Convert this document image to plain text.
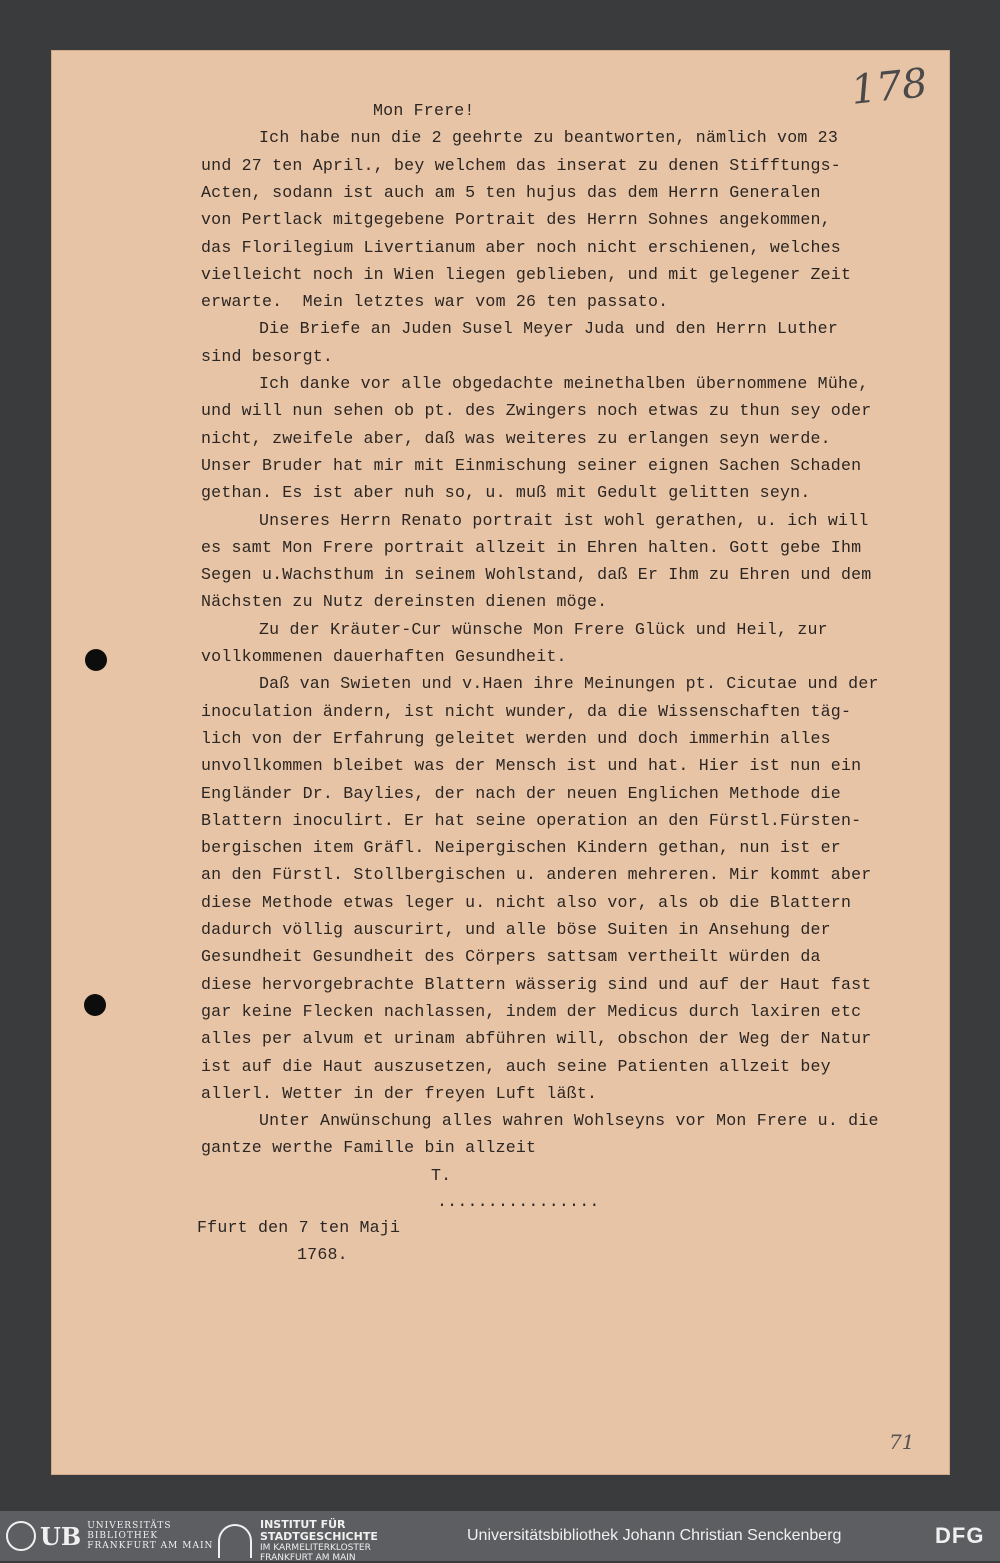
178
Mon Frere!
Ich habe nun die 2 geehrte zu beantworten, nämlich vom 23
und 27 ten April., bey welchem das inserat zu denen Stifftungs-
Acten, sodann ist auch am 5 ten hujus das dem Herrn Generalen
von Pertlack mitgegebene Portrait des Herrn Sohnes angekommen,
das Florilegium Livertianum aber noch nicht erschienen, welches
vielleicht noch in Wien liegen geblieben, und mit gelegener Zeit
erwarte.  Mein letztes war vom 26 ten passato.
Die Briefe an Juden Susel Meyer Juda und den Herrn Luther
sind besorgt.
Ich danke vor alle obgedachte meinethalben übernommene Mühe,
und will nun sehen ob pt. des Zwingers noch etwas zu thun sey oder
nicht, zweifele aber, daß was weiteres zu erlangen seyn werde.
Unser Bruder hat mir mit Einmischung seiner eignen Sachen Schaden
gethan. Es ist aber nuh so, u. muß mit Gedult gelitten seyn.
Unseres Herrn Renato portrait ist wohl gerathen, u. ich will
es samt Mon Frere portrait allzeit in Ehren halten. Gott gebe Ihm
Segen u.Wachsthum in seinem Wohlstand, daß Er Ihm zu Ehren und dem
Nächsten zu Nutz dereinsten dienen möge.
Zu der Kräuter-Cur wünsche Mon Frere Glück und Heil, zur
vollkommenen dauerhaften Gesundheit.
Daß van Swieten und v.Haen ihre Meinungen pt. Cicutae und der
inoculation ändern, ist nicht wunder, da die Wissenschaften täg-
lich von der Erfahrung geleitet werden und doch immerhin alles
unvollkommen bleibet was der Mensch ist und hat. Hier ist nun ein
Engländer Dr. Baylies, der nach der neuen Englichen Methode die
Blattern inoculirt. Er hat seine operation an den Fürstl.Fürsten-
bergischen item Gräfl. Neipergischen Kindern gethan, nun ist er
an den Fürstl. Stollbergischen u. anderen mehreren. Mir kommt aber
diese Methode etwas leger u. nicht also vor, als ob die Blattern
dadurch völlig auscurirt, und alle böse Suiten in Ansehung der
Gesundheit Gesundheit des Cörpers sattsam vertheilt würden da
diese hervorgebrachte Blattern wässerig sind und auf der Haut fast
gar keine Flecken nachlassen, indem der Medicus durch laxiren etc
alles per alvum et urinam abführen will, obschon der Weg der Natur
ist auf die Haut auszusetzen, auch seine Patienten allzeit bey
allerl. Wetter in der freyen Luft läßt.
Unter Anwünschung alles wahren Wohlseyns vor Mon Frere u. die
gantze werthe Famille bin allzeit
T.
................
Ffurt den 7 ten Maji
1768.
71
UB UNIVERSITÄTS
BIBLIOTHEK
FRANKFURT AM MAIN
INSTITUT FÜR
STADTGESCHICHTE
IM KARMELITERKLOSTER
FRANKFURT AM MAIN
Universitätsbibliothek Johann Christian Senckenberg	DFG
